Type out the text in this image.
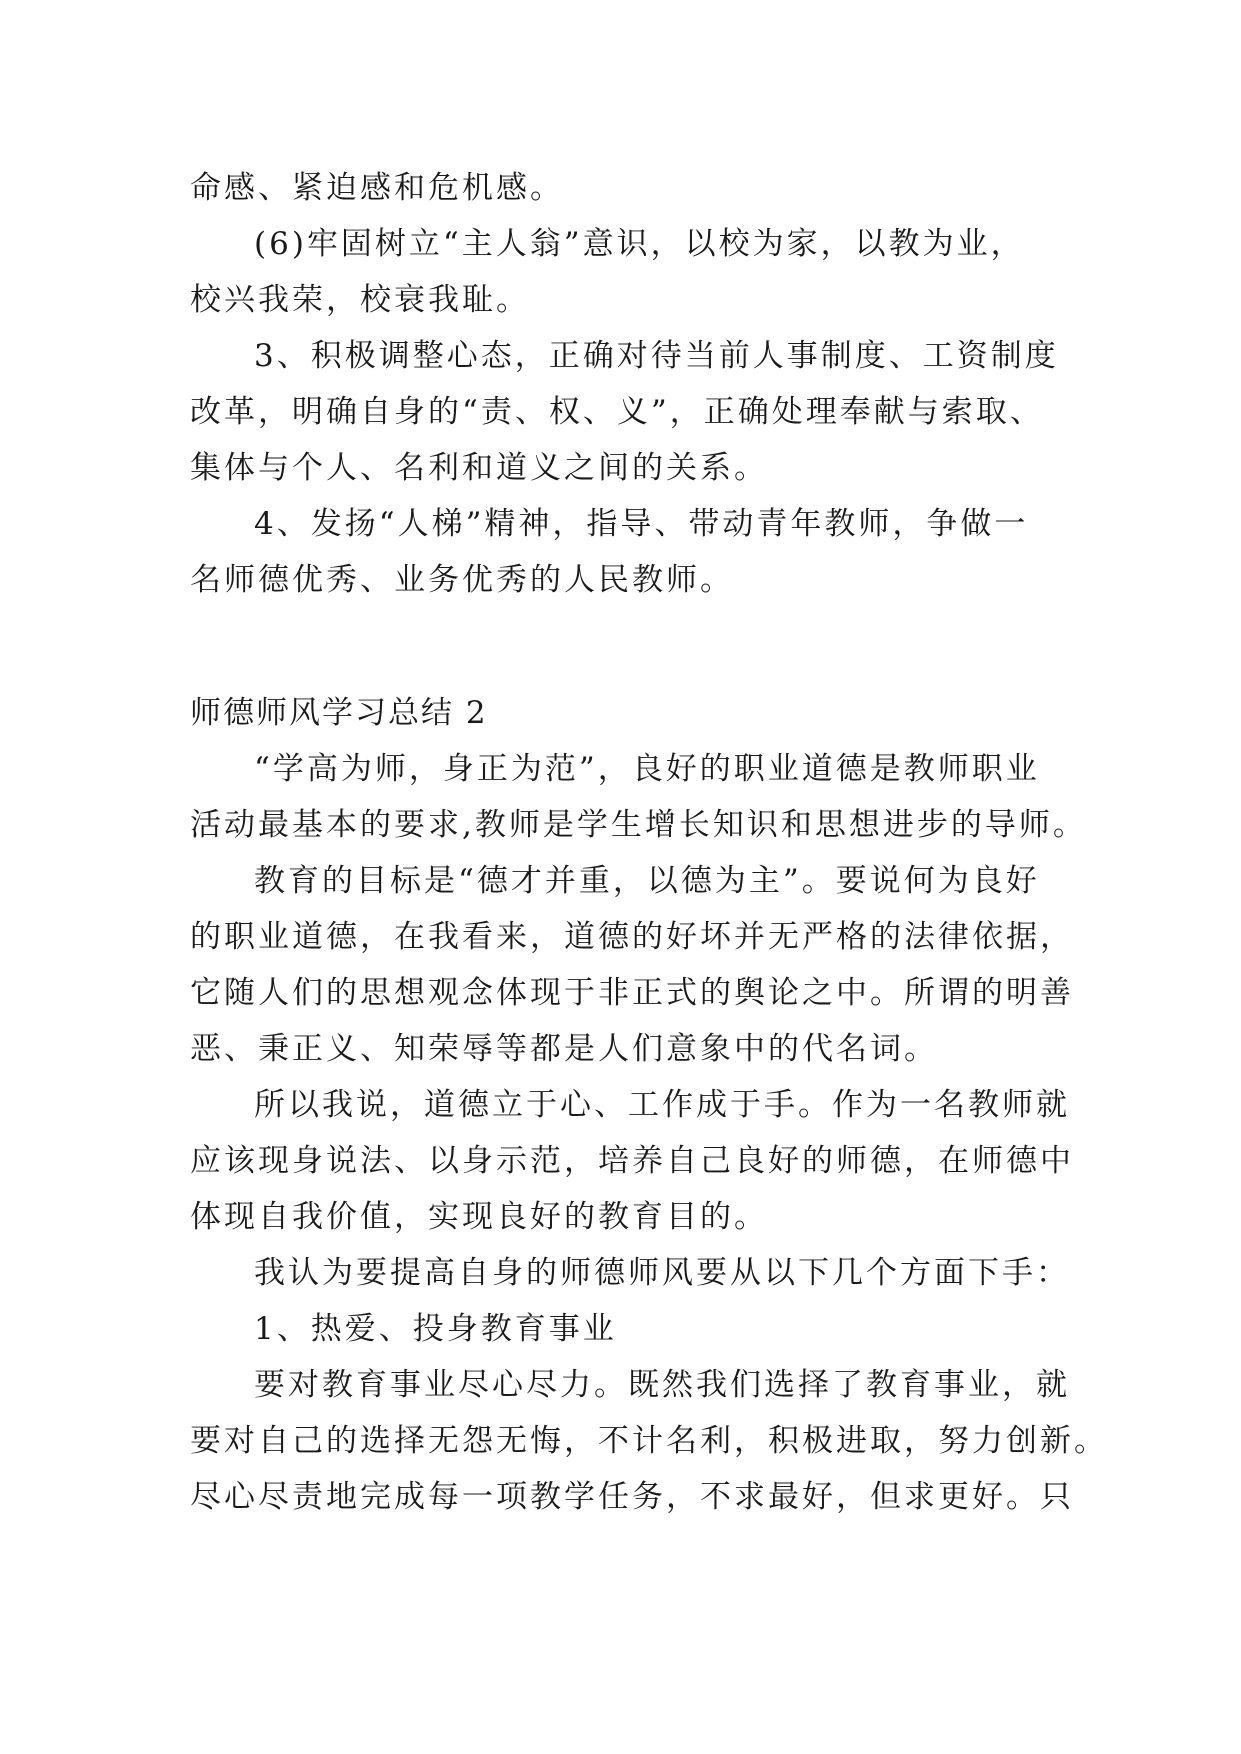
命感、紧迫感和危机感。
(6)牢固树立“主人翁”意识，以校为家，以教为业，
校兴我荣，校衰我耻。
3、积极调整心态，正确对待当前人事制度、工资制度
改革，明确自身的“责、权、义”，正确处理奉献与索取、
集体与个人、名利和道义之间的关系。
4、发扬“人梯”精神，指导、带动青年教师，争做一
名师德优秀、业务优秀的人民教师。
师德师风学习总结 2
“学高为师，身正为范”，良好的职业道德是教师职业
活动最基本的要求,教师是学生增长知识和思想进步的导师。
教育的目标是“德才并重，以德为主”。要说何为良好
的职业道德，在我看来，道德的好坏并无严格的法律依据，
它随人们的思想观念体现于非正式的舆论之中。所谓的明善
恶、秉正义、知荣辱等都是人们意象中的代名词。
所以我说，道德立于心、工作成于手。作为一名教师就
应该现身说法、以身示范，培养自己良好的师德，在师德中
体现自我价值，实现良好的教育目的。
我认为要提高自身的师德师风要从以下几个方面下手：
1、热爱、投身教育事业
要对教育事业尽心尽力。既然我们选择了教育事业，就
要对自己的选择无怨无悔，不计名利，积极进取，努力创新。
尽心尽责地完成每一项教学任务，不求最好，但求更好。只
